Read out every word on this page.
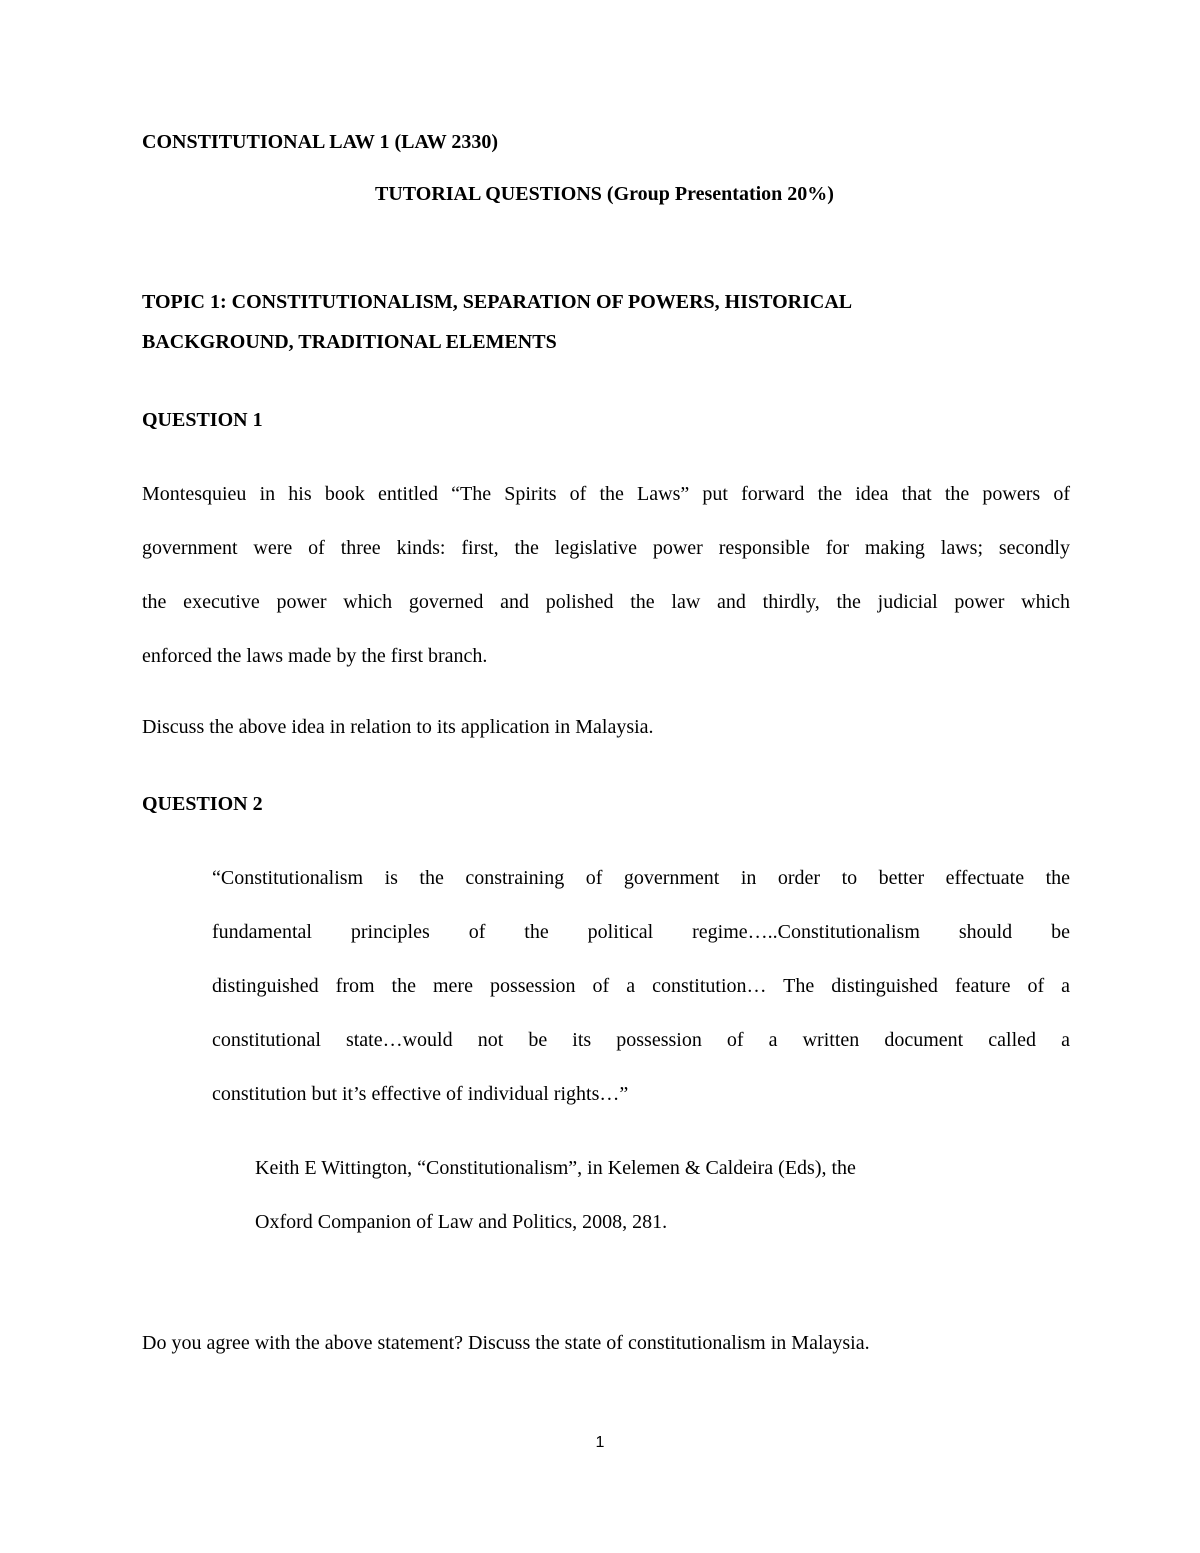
CONSTITUTIONAL LAW 1 (LAW 2330)

TUTORIAL QUESTIONS (Group Presentation 20%)

TOPIC 1: CONSTITUTIONALISM, SEPARATION OF POWERS, HISTORICAL

BACKGROUND, TRADITIONAL ELEMENTS

QUESTION 1

Montesquieu in his book entitled “The Spirits of the Laws” put forward the idea that the powers of
government were of three kinds: first, the legislative power responsible for making laws; secondly
the executive power which governed and polished the law and thirdly, the judicial power which
enforced the laws made by the first branch.

Discuss the above idea in relation to its application in Malaysia.

QUESTION 2

“Constitutionalism is the constraining of government in order to better effectuate the
fundamental principles of the political regime…..Constitutionalism should be
distinguished from the mere possession of a constitution… The distinguished feature of a
constitutional state…would not be its possession of a written document called a
constitution but it’s effective of individual rights…”
Keith E Wittington, “Constitutionalism”, in Kelemen & Caldeira (Eds), the
Oxford Companion of Law and Politics, 2008, 281.

Do you agree with the above statement? Discuss the state of constitutionalism in Malaysia.

1
